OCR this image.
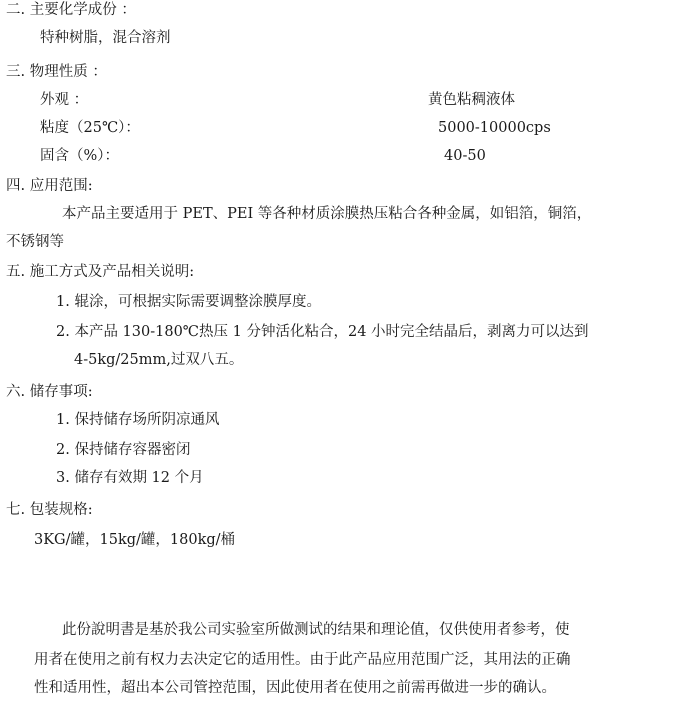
二. 主要化学成份 ：
特种树脂，混合溶剂
三. 物理性质 ：
外观 ：	黄色粘稠液体
粘度（25℃）：	5000-10000cps
固含（%）：	40-50
四. 应用范围:
本产品主要适用于 PET、PEI 等各种材质涂膜热压粘合各种金属，如铝箔，铜箔，
不锈钢等
五. 施工方式及产品相关说明:
1. 辊涂，可根据实际需要调整涂膜厚度。
2. 本产品 130-180℃热压 1 分钟活化粘合，24 小时完全结晶后，剥离力可以达到
4-5kg/25mm,过双八五。
六. 储存事项:
1. 保持储存场所阴凉通风
2. 保持储存容器密闭
3. 储存有效期 12 个月
七. 包装规格:
3KG/罐，15kg/罐，180kg/桶
此份說明書是基於我公司实验室所做测试的结果和理论值，仅供使用者参考，使
用者在使用之前有权力去决定它的适用性。由于此产品应用范围广泛，其用法的正确
性和适用性，超出本公司管控范围，因此使用者在使用之前需再做进一步的确认。
